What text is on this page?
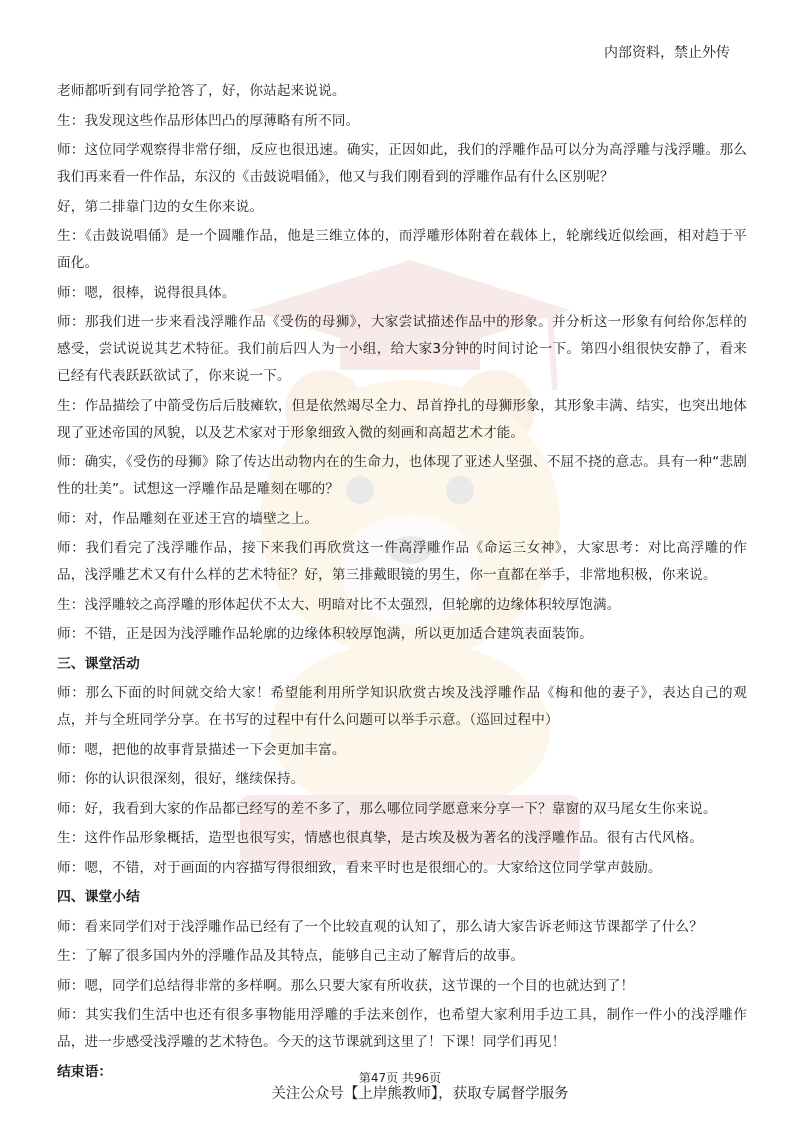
内部资料，禁止外传
老师都听到有同学抢答了，好，你站起来说说。
生：我发现这些作品形体凹凸的厚薄略有所不同。
师：这位同学观察得非常仔细，反应也很迅速。确实，正因如此，我们的浮雕作品可以分为高浮雕与浅浮雕。那么我们再来看一件作品，东汉的《击鼓说唱俑》，他又与我们刚看到的浮雕作品有什么区别呢？
好，第二排靠门边的女生你来说。
生：《击鼓说唱俑》是一个圆雕作品，他是三维立体的，而浮雕形体附着在载体上，轮廓线近似绘画，相对趋于平面化。
师：嗯，很棒，说得很具体。
师：那我们进一步来看浅浮雕作品《受伤的母狮》，大家尝试描述作品中的形象。并分析这一形象有何给你怎样的感受，尝试说说其艺术特征。我们前后四人为一小组，给大家3分钟的时间讨论一下。第四小组很快安静了，看来已经有代表跃跃欲试了，你来说一下。
生：作品描绘了中箭受伤后后肢瘫软，但是依然竭尽全力、昂首挣扎的母狮形象，其形象丰满、结实，也突出地体现了亚述帝国的风貌，以及艺术家对于形象细致入微的刻画和高超艺术才能。
师：确实，《受伤的母狮》除了传达出动物内在的生命力，也体现了亚述人坚强、不屈不挠的意志。具有一种“悲剧性的壮美”。试想这一浮雕作品是雕刻在哪的？
师：对，作品雕刻在亚述王宫的墙壁之上。
师：我们看完了浅浮雕作品，接下来我们再欣赏这一件高浮雕作品《命运三女神》，大家思考：对比高浮雕的作品，浅浮雕艺术又有什么样的艺术特征？好，第三排戴眼镜的男生，你一直都在举手，非常地积极，你来说。
生：浅浮雕较之高浮雕的形体起伏不太大、明暗对比不太强烈，但轮廓的边缘体积较厚饱满。
师：不错，正是因为浅浮雕作品轮廓的边缘体积较厚饱满，所以更加适合建筑表面装饰。
三、课堂活动
师：那么下面的时间就交给大家！希望能利用所学知识欣赏古埃及浅浮雕作品《梅和他的妻子》，表达自己的观点，并与全班同学分享。在书写的过程中有什么问题可以举手示意。（巡回过程中）
师：嗯，把他的故事背景描述一下会更加丰富。
师：你的认识很深刻，很好，继续保持。
师：好，我看到大家的作品都已经写的差不多了，那么哪位同学愿意来分享一下？靠窗的双马尾女生你来说。
生：这件作品形象概括，造型也很写实，情感也很真挚，是古埃及极为著名的浅浮雕作品。很有古代风格。
师：嗯，不错，对于画面的内容描写得很细致，看来平时也是很细心的。大家给这位同学掌声鼓励。
四、课堂小结
师：看来同学们对于浅浮雕作品已经有了一个比较直观的认知了，那么请大家告诉老师这节课都学了什么？
生：了解了很多国内外的浮雕作品及其特点，能够自己主动了解背后的故事。
师：嗯，同学们总结得非常的多样啊。那么只要大家有所收获，这节课的一个目的也就达到了！
师：其实我们生活中也还有很多事物能用浮雕的手法来创作，也希望大家利用手边工具，制作一件小的浅浮雕作品，进一步感受浅浮雕的艺术特色。今天的这节课就到这里了！下课！同学们再见！
结束语：	第47页 共96页
关注公众号【上岸熊教师】，获取专属督学服务
